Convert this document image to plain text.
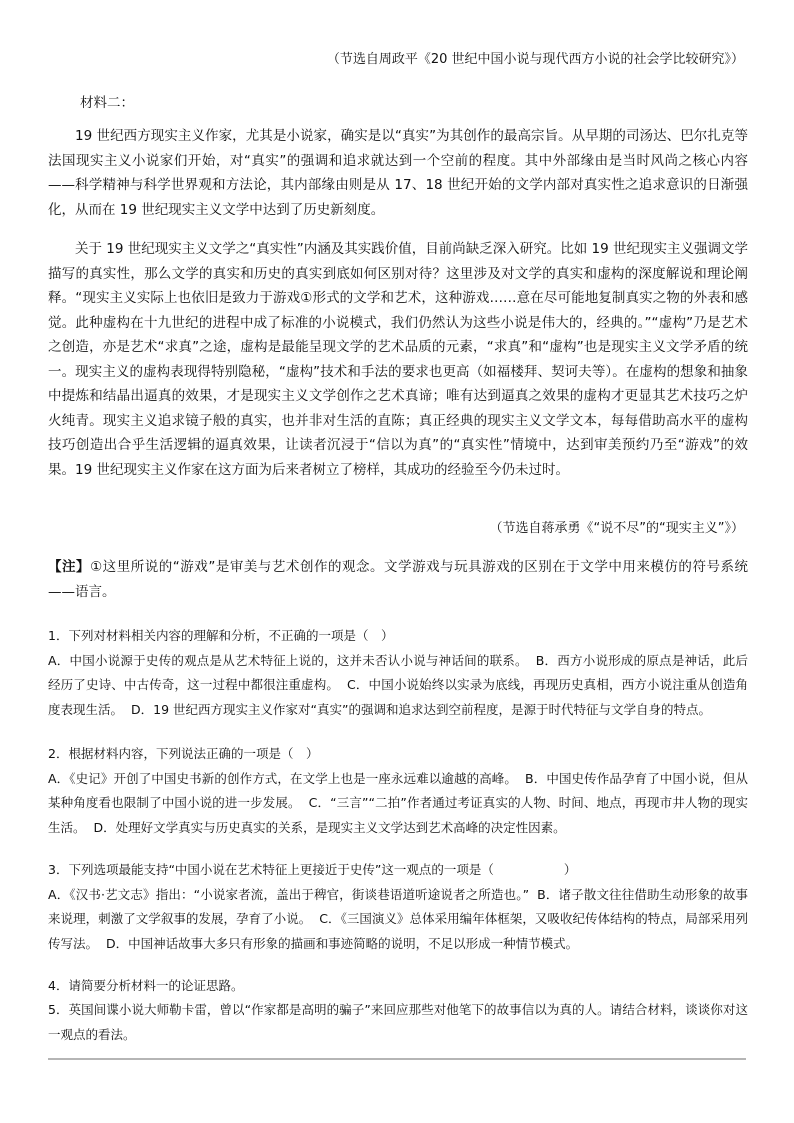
（节选自周政平《20 世纪中国小说与现代西方小说的社会学比较研究》）
材料二：

19 世纪西方现实主义作家，尤其是小说家，确实是以“真实”为其创作的最高宗旨。从早期的司汤达、巴尔扎克等法国现实主义小说家们开始，对“真实”的强调和追求就达到一个空前的程度。其中外部缘由是当时风尚之核心内容——科学精神与科学世界观和方法论，其内部缘由则是从 17、18 世纪开始的文学内部对真实性之追求意识的日渐强化，从而在 19 世纪现实主义文学中达到了历史新刻度。

关于 19 世纪现实主义文学之“真实性”内涵及其实践价值，目前尚缺乏深入研究。比如 19 世纪现实主义强调文学描写的真实性，那么文学的真实和历史的真实到底如何区别对待？这里涉及对文学的真实和虚构的深度解说和理论阐释。“现实主义实际上也依旧是致力于游戏①形式的文学和艺术，这种游戏……意在尽可能地复制真实之物的外表和感觉。此种虚构在十九世纪的进程中成了标准的小说模式，我们仍然认为这些小说是伟大的，经典的。”“虚构”乃是艺术之创造，亦是艺术“求真”之途，虚构是最能呈现文学的艺术品质的元素，“求真”和“虚构”也是现实主义文学矛盾的统一。现实主义的虚构表现得特别隐秘，“虚构”技术和手法的要求也更高（如福楼拜、契诃夫等）。在虚构的想象和抽象中提炼和结晶出逼真的效果，才是现实主义文学创作之艺术真谛；唯有达到逼真之效果的虚构才更显其艺术技巧之炉火纯青。现实主义追求镜子般的真实，也并非对生活的直陈；真正经典的现实主义文学文本，每每借助高水平的虚构技巧创造出合乎生活逻辑的逼真效果，让读者沉浸于“信以为真”的“真实性”情境中，达到审美预约乃至“游戏”的效果。19 世纪现实主义作家在这方面为后来者树立了榜样，其成功的经验至今仍未过时。

（节选自蒋承勇《“说不尽”的“现实主义”》）
【注】①这里所说的“游戏”是审美与艺术创作的观念。文学游戏与玩具游戏的区别在于文学中用来模仿的符号系统——语言。
1．下列对材料相关内容的理解和分析，不正确的一项是（　）
A．中国小说源于史传的观点是从艺术特征上说的，这并未否认小说与神话间的联系。 B．西方小说形成的原点是神话，此后经历了史诗、中古传奇，这一过程中都很注重虚构。 C．中国小说始终以实录为底线，再现历史真相，西方小说注重从创造角度表现生活。 D．19 世纪西方现实主义作家对“真实”的强调和追求达到空前程度，是源于时代特征与文学自身的特点。
2．根据材料内容，下列说法正确的一项是（　）
A．《史记》开创了中国史书新的创作方式，在文学上也是一座永远难以逾越的高峰。 B．中国史传作品孕育了中国小说，但从某种角度看也限制了中国小说的进一步发展。 C．“三言”“二拍”作者通过考证真实的人物、时间、地点，再现市井人物的现实生活。 D．处理好文学真实与历史真实的关系，是现实主义文学达到艺术高峰的决定性因素。
3．下列选项最能支持“中国小说在艺术特征上更接近于史传”这一观点的一项是（	）
A．《汉书·艺文志》指出：“小说家者流，盖出于稗官，街谈巷语道听途说者之所造也。” B．诸子散文往往借助生动形象的故事来说理，刺激了文学叙事的发展，孕育了小说。 C．《三国演义》总体采用编年体框架，又吸收纪传体结构的特点，局部采用列传写法。 D．中国神话故事大多只有形象的描画和事迹简略的说明，不足以形成一种情节模式。
4．请简要分析材料一的论证思路。
5．英国间谍小说大师勒卡雷，曾以“作家都是高明的骗子”来回应那些对他笔下的故事信以为真的人。请结合材料，谈谈你对这一观点的看法。
